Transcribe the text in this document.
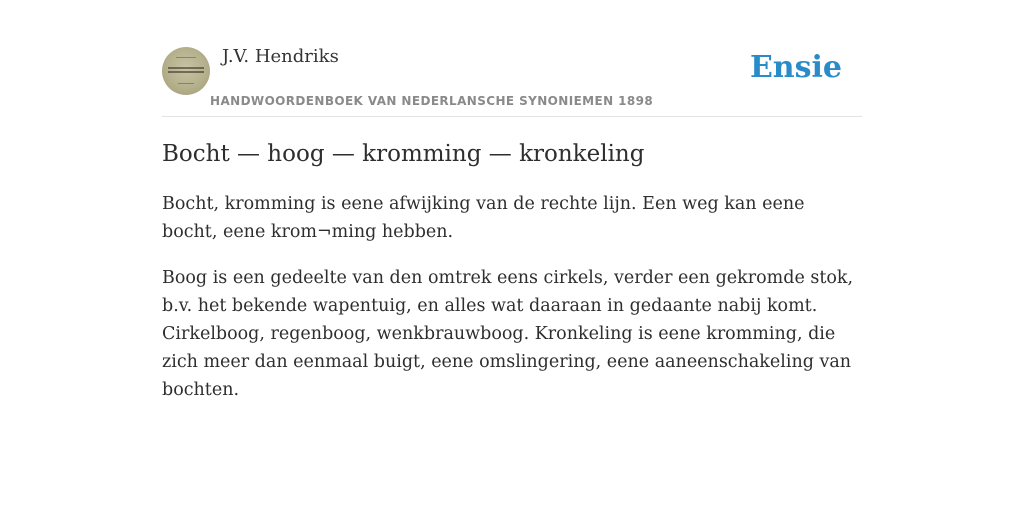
J.V. Hendriks
HANDWOORDENBOEK VAN NEDERLANSCHE SYNONIEMEN 1898
Ensie
Bocht — hoog — kromming — kronkeling

Bocht, kromming is eene afwijking van de rechte lijn. Een weg kan eene bocht, eene krom¬ming hebben.

Boog is een gedeelte van den omtrek eens cirkels, verder een gekromde stok, b.v. het bekende wapentuig, en alles wat daaraan in gedaante nabij komt. Cirkelboog, regenboog, wenkbrauwboog. Kronkeling is eene kromming, die zich meer dan eenmaal buigt, eene omslingering, eene aaneenschakeling van bochten.
